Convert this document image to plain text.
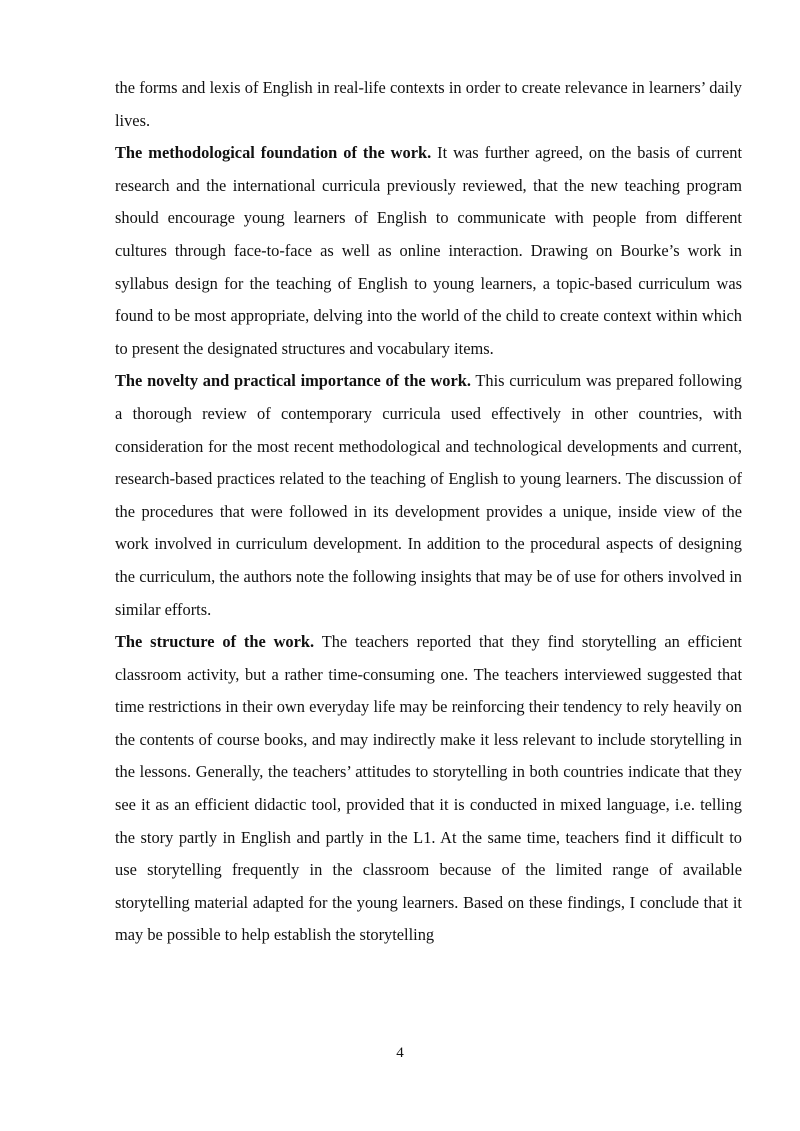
the forms and lexis of English in real-life contexts in order to create relevance in learners’ daily lives.

The methodological foundation of the work. It was further agreed, on the basis of current research and the international curricula previously reviewed, that the new teaching program should encourage young learners of English to communicate with people from different cultures through face-to-face as well as online interaction. Drawing on Bourke’s work in syllabus design for the teaching of English to young learners, a topic-based curriculum was found to be most appropriate, delving into the world of the child to create context within which to present the designated structures and vocabulary items.

The novelty and practical importance of the work. This curriculum was prepared following a thorough review of contemporary curricula used effectively in other countries, with consideration for the most recent methodological and technological developments and current, research-based practices related to the teaching of English to young learners. The discussion of the procedures that were followed in its development provides a unique, inside view of the work involved in curriculum development. In addition to the procedural aspects of designing the curriculum, the authors note the following insights that may be of use for others involved in similar efforts.

The structure of the work. The teachers reported that they find storytelling an efficient classroom activity, but a rather time-consuming one. The teachers interviewed suggested that time restrictions in their own everyday life may be reinforcing their tendency to rely heavily on the contents of course books, and may indirectly make it less relevant to include storytelling in the lessons. Generally, the teachers’ attitudes to storytelling in both countries indicate that they see it as an efficient didactic tool, provided that it is conducted in mixed language, i.e. telling the story partly in English and partly in the L1. At the same time, teachers find it difficult to use storytelling frequently in the classroom because of the limited range of available storytelling material adapted for the young learners. Based on these findings, I conclude that it may be possible to help establish the storytelling

4
